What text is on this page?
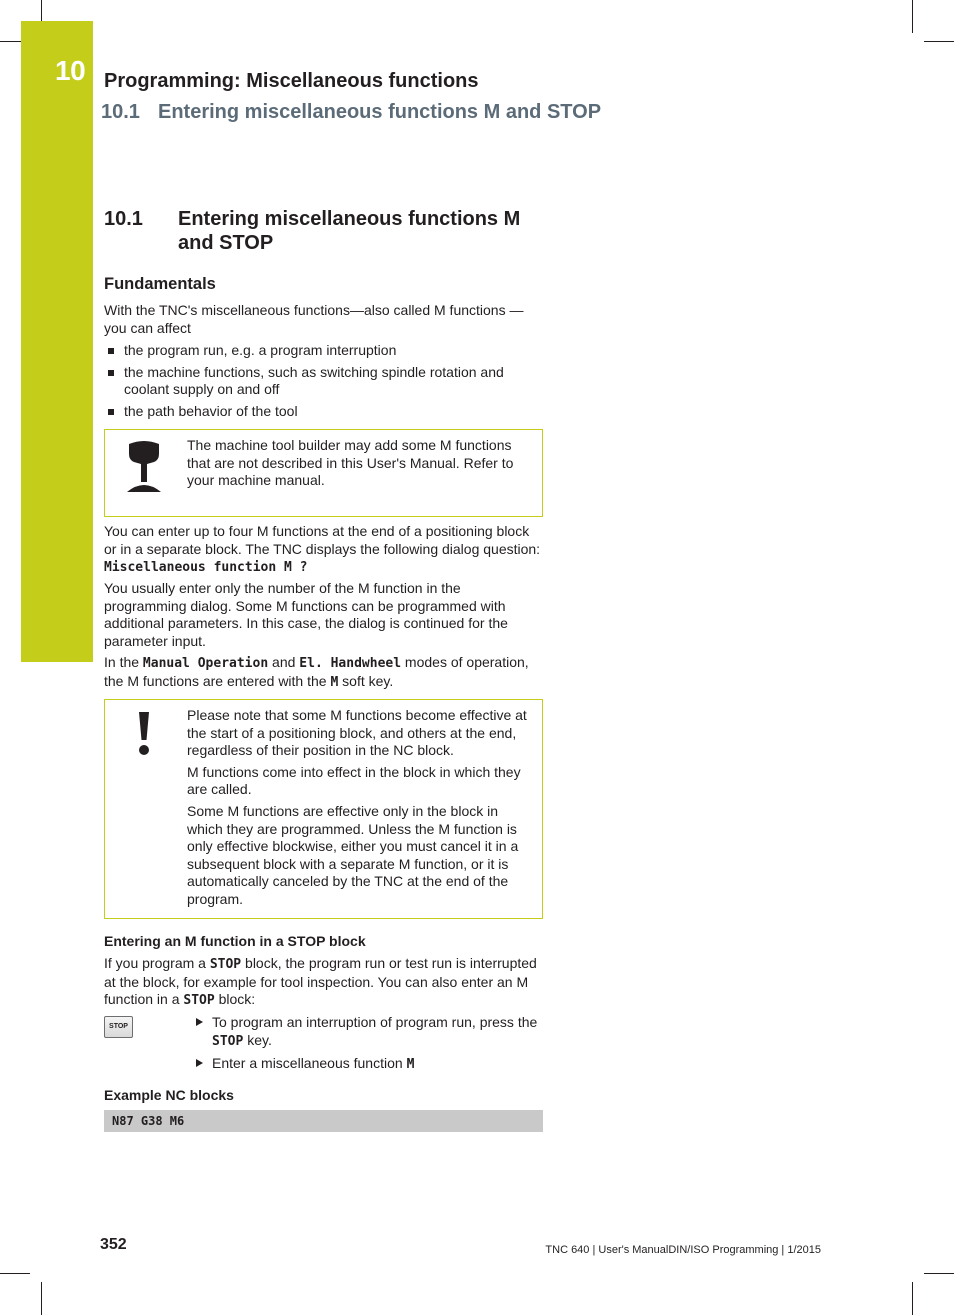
10 Programming: Miscellaneous functions
10.1 Entering miscellaneous functions M and STOP
10.1	Entering miscellaneous functions M and STOP
Fundamentals

With the TNC's miscellaneous functions—also called M functions —you can affect

the program run, e.g. a program interruption
the machine functions, such as switching spindle rotation and coolant supply on and off
the path behavior of the tool
The machine tool builder may add some M functions that are not described in this User's Manual. Refer to your machine manual.

You can enter up to four M functions at the end of a positioning block or in a separate block. The TNC displays the following dialog question: Miscellaneous function M ?

You usually enter only the number of the M function in the programming dialog. Some M functions can be programmed with additional parameters. In this case, the dialog is continued for the parameter input.

In the Manual Operation and El. Handwheel modes of operation, the M functions are entered with the M soft key.

Please note that some M functions become effective at the start of a positioning block, and others at the end, regardless of their position in the NC block.

M functions come into effect in the block in which they are called.

Some M functions are effective only in the block in which they are programmed. Unless the M function is only effective blockwise, either you must cancel it in a subsequent block with a separate M function, or it is automatically canceled by the TNC at the end of the program.

Entering an M function in a STOP block

If you program a STOP block, the program run or test run is interrupted at the block, for example for tool inspection. You can also enter an M function in a STOP block:

STOP	To program an interruption of program run, press the STOP key.
Enter a miscellaneous function M
Example NC blocks
N87 G38 M6
352	TNC 640 | User's ManualDIN/ISO Programming | 1/2015
